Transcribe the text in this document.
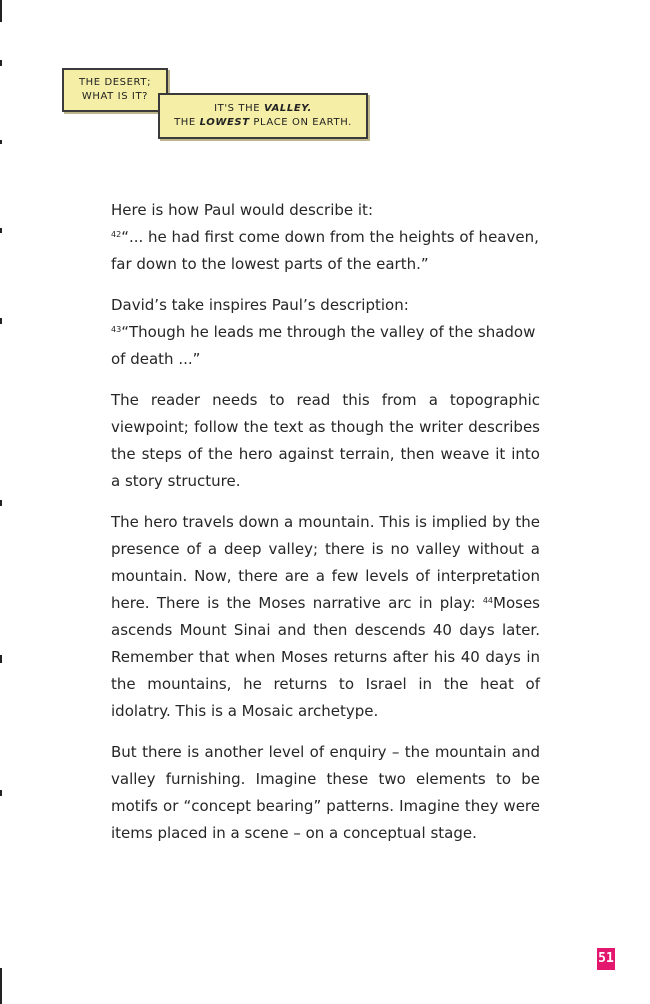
THE DESERT;
WHAT IS IT?
IT'S THE VALLEY.
THE LOWEST PLACE ON EARTH.

Here is how Paul would describe it:
$^{42}$“... he had first come down from the heights of heaven, far down to the lowest parts of the earth.”

David’s take inspires Paul’s description:
$^{43}$“Though he leads me through the valley of the shadow of death ...”

The reader needs to read this from a topographic viewpoint; follow the text as though the writer describes the steps of the hero against terrain, then weave it into a story structure.

The hero travels down a mountain. This is implied by the presence of a deep valley; there is no valley without a mountain. Now, there are a few levels of interpretation here. There is the Moses narrative arc in play: $^{44}$Moses ascends Mount Sinai and then descends 40 days later. Remember that when Moses returns after his 40 days in the mountains, he returns to Israel in the heat of idolatry. This is a Mosaic archetype.

But there is another level of enquiry – the mountain and valley furnishing. Imagine these two elements to be motifs or “concept bearing” patterns. Imagine they were items placed in a scene – on a conceptual stage.

51
